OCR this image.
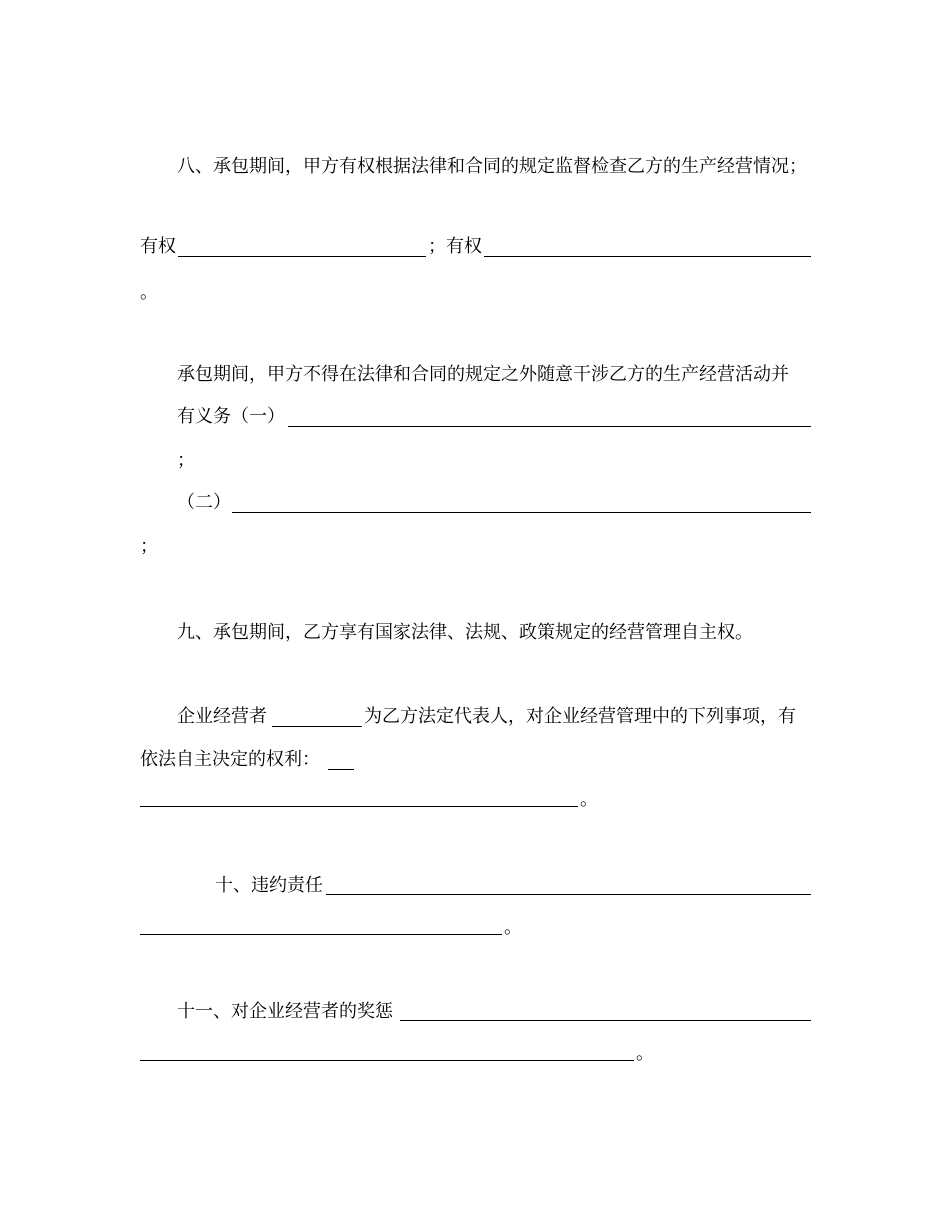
八、承包期间，甲方有权根据法律和合同的规定监督检查乙方的生产经营情况；
有权	；有权
。
承包期间，甲方不得在法律和合同的规定之外随意干涉乙方的生产经营活动并
有义务（一）
；
（二）
；
九、承包期间，乙方享有国家法律、法规、政策规定的经营管理自主权。
企业经营者	为乙方法定代表人，对企业经营管理中的下列事项，有
依法自主决定的权利：
。
十、违约责任
。
十一、对企业经营者的奖惩
。
